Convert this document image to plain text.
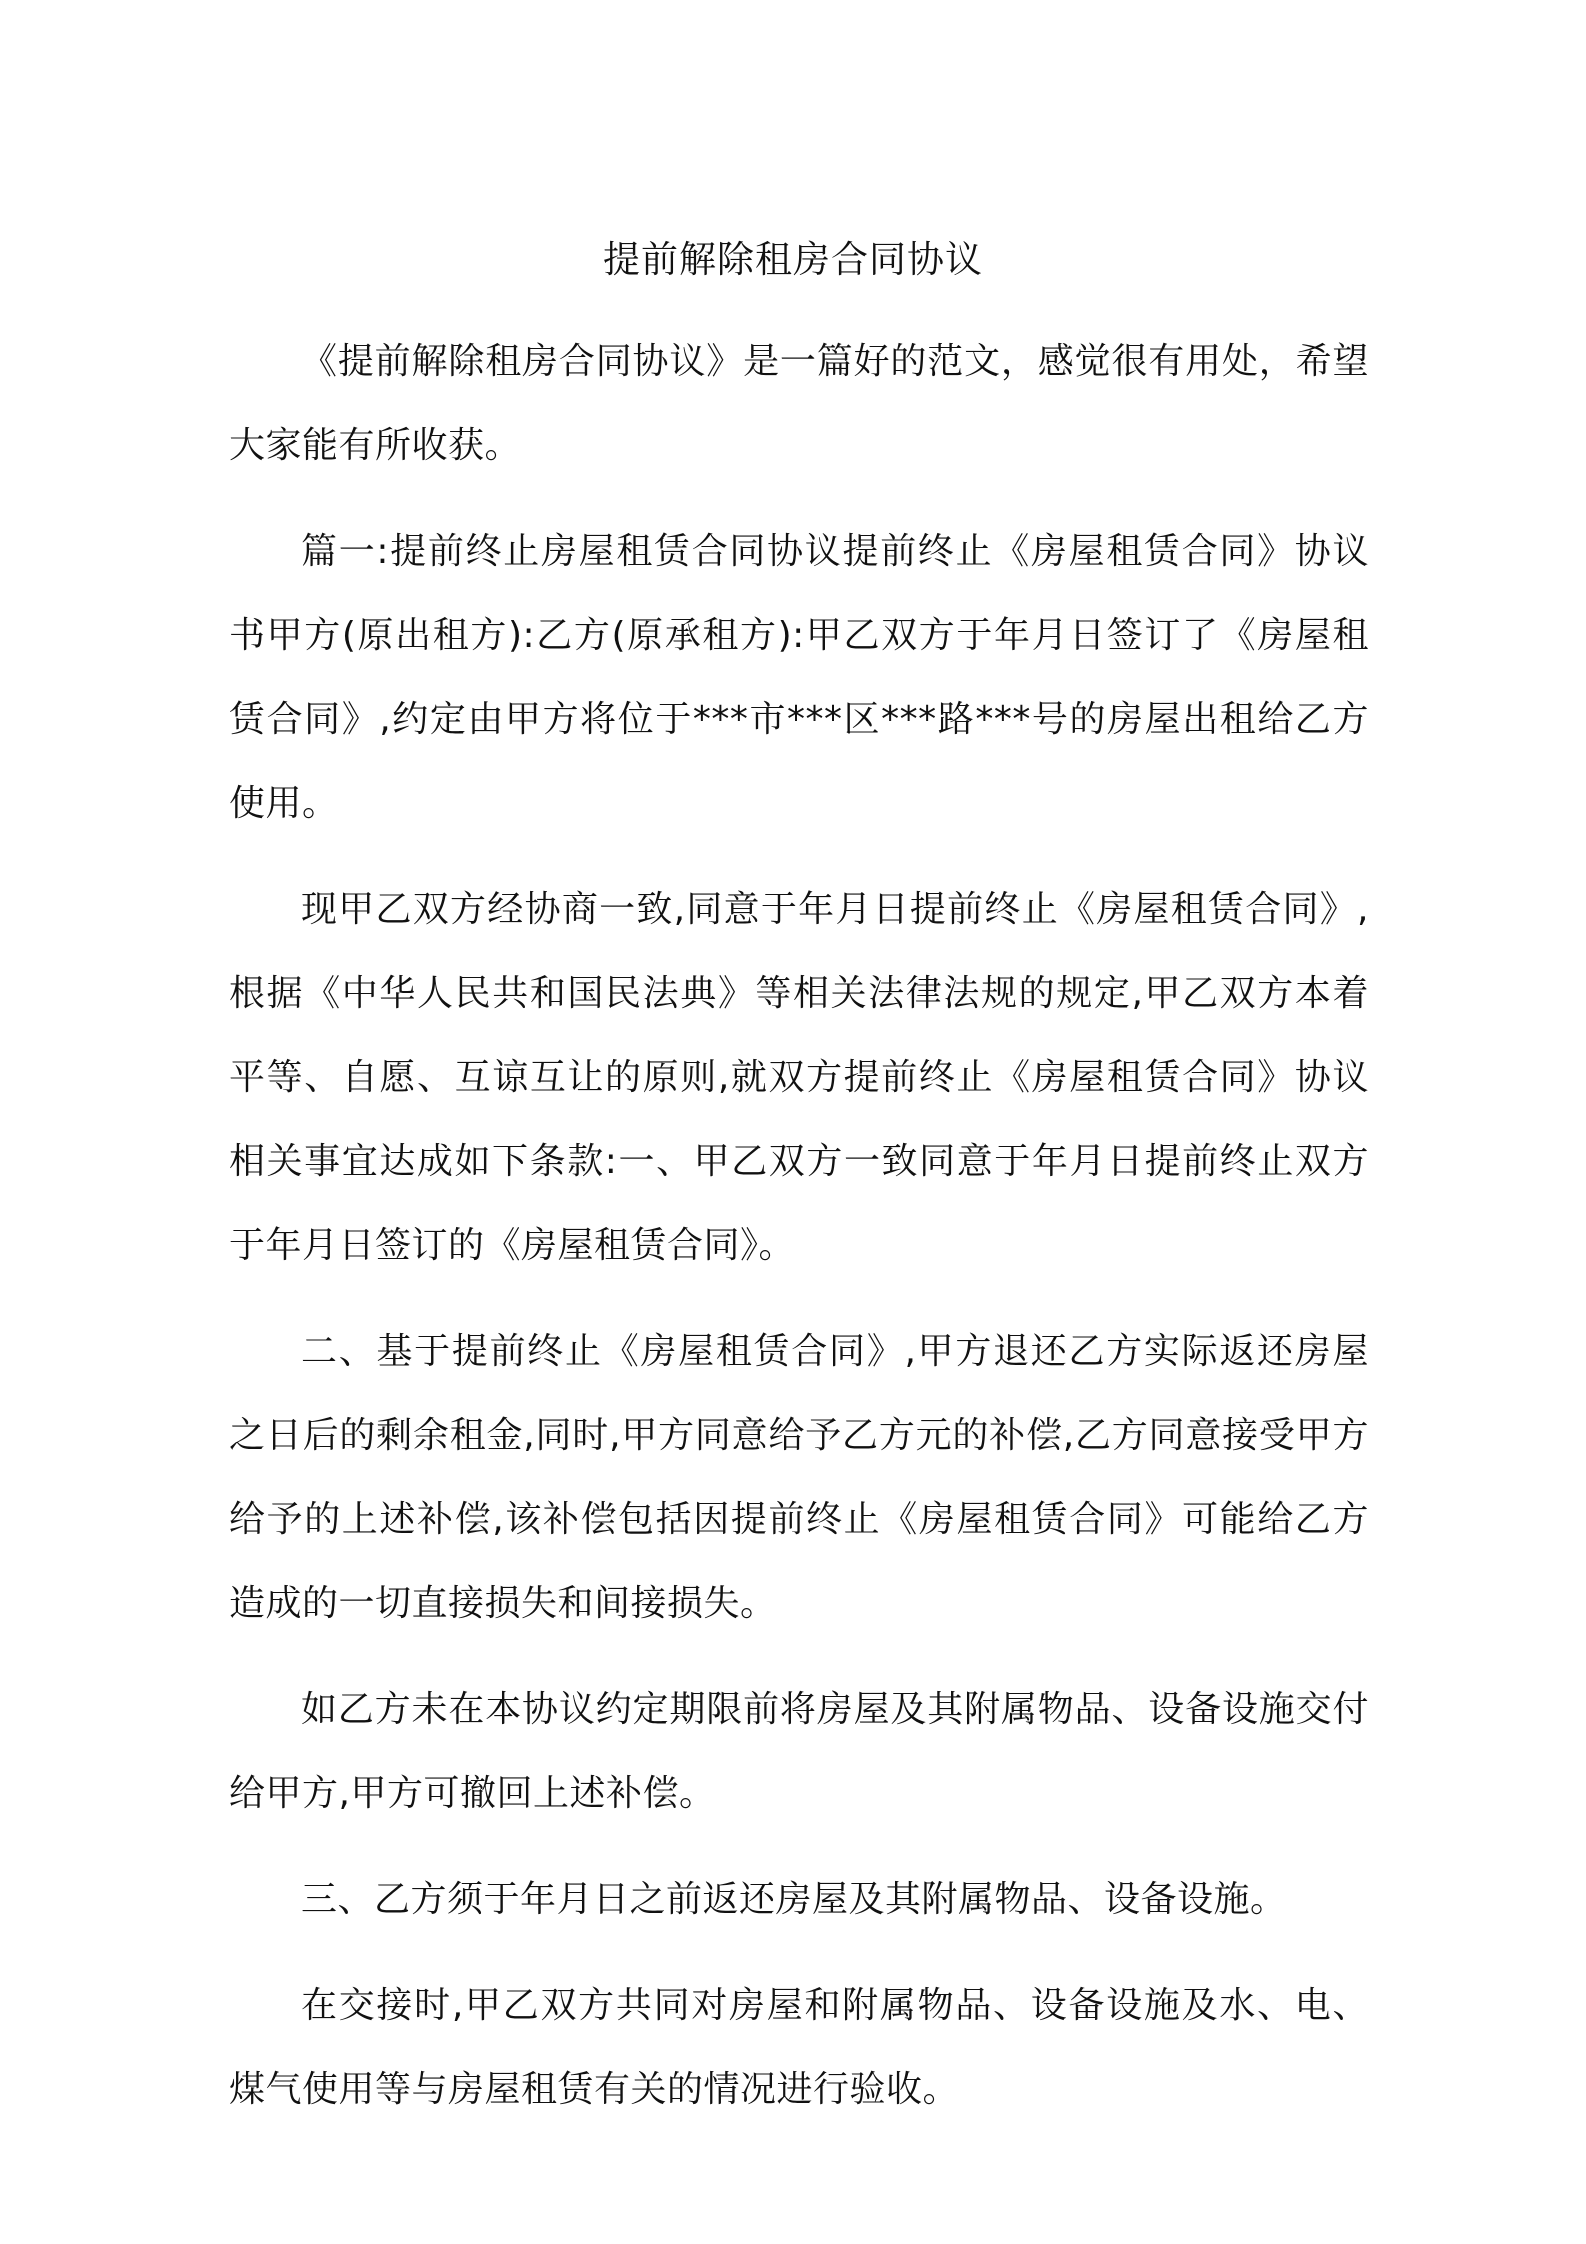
提前解除租房合同协议

《提前解除租房合同协议》是一篇好的范文，感觉很有用处，希望大家能有所收获。

篇一:提前终止房屋租赁合同协议提前终止《房屋租赁合同》协议书甲方(原出租方):乙方(原承租方):甲乙双方于年月日签订了《房屋租赁合同》,约定由甲方将位于***市***区***路***号的房屋出租给乙方使用。

现甲乙双方经协商一致,同意于年月日提前终止《房屋租赁合同》,根据《中华人民共和国民法典》等相关法律法规的规定,甲乙双方本着平等、自愿、互谅互让的原则,就双方提前终止《房屋租赁合同》协议相关事宜达成如下条款:一、甲乙双方一致同意于年月日提前终止双方于年月日签订的《房屋租赁合同》。

二、基于提前终止《房屋租赁合同》,甲方退还乙方实际返还房屋之日后的剩余租金,同时,甲方同意给予乙方元的补偿,乙方同意接受甲方给予的上述补偿,该补偿包括因提前终止《房屋租赁合同》可能给乙方造成的一切直接损失和间接损失。

如乙方未在本协议约定期限前将房屋及其附属物品、设备设施交付给甲方,甲方可撤回上述补偿。

三、乙方须于年月日之前返还房屋及其附属物品、设备设施。

在交接时,甲乙双方共同对房屋和附属物品、设备设施及水、电、煤气使用等与房屋租赁有关的情况进行验收。
